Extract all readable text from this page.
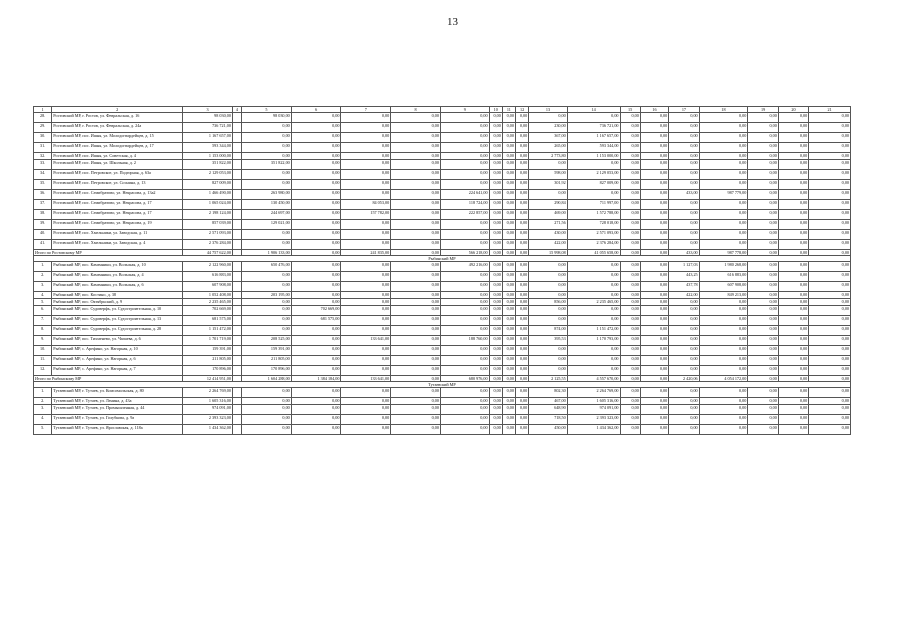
13
1	2	3	4	5	6	7	8	9	10	11	12	13	14	15	16	17	18	19	20	21
28.	Ростовский МР, г. Ростов, ул. Февральская, д. 16	98 030,00		98 030,00	0,00	0,00	0,00	0,00	0,00	0,00	0,00	0,00	0,00	0,00	0,00	0,00	0,00	0,00	0,00	0,00
29.	Ростовский МР, г. Ростов, ул. Февральская, д. 24а	736 721,00		0,00	0,00	0,00	0,00	0,00	0,00	0,00	0,00	230,00	736 721,00	0,00	0,00	0,00	0,00	0,00	0,00	0,00
30.	Ростовский МР, пос. Ишня, ул. Молодогвардейцев, д. 15	1 167 657,00		0,00	0,00	0,00	0,00	0,00	0,00	0,00	0,00	367,00	1 167 657,00	0,00	0,00	0,00	0,00	0,00	0,00	0,00
31.	Ростовский МР, пос. Ишня, ул. Молодогвардейцев, д. 17	593 344,00		0,00	0,00	0,00	0,00	0,00	0,00	0,00	0,00	265,00	593 344,00	0,00	0,00	0,00	0,00	0,00	0,00	0,00
32.	Ростовский МР, пос. Ишня, ул. Советская, д. 4	1 153 000,00		0,00	0,00	0,00	0,00	0,00	0,00	0,00	0,00	2 773,80	1 153 000,00	0,00	0,00	0,00	0,00	0,00	0,00	0,00
33.	Ростовский МР, пос. Ишня, ул. Школьная, д. 2	351 822,00		351 822,00	0,00	0,00	0,00	0,00	0,00	0,00	0,00	0,00	0,00	0,00	0,00	0,00	0,00	0,00	0,00	0,00
34.	Ростовский МР, пос. Петровское, ул. Подгорная, д. 63а	2 129 053,00		0,00	0,00	0,00	0,00	0,00	0,00	0,00	0,00	598,00	2 129 053,00	0,00	0,00	0,00	0,00	0,00	0,00	0,00
35.	Ростовский МР, пос. Петровское, ул. Соснина, д. 13	827 009,00		0,00	0,00	0,00	0,00	0,00	0,00	0,00	0,00	301,92	827 009,00	0,00	0,00	0,00	0,00	0,00	0,00	0,00
36.	Ростовский МР, пос. Семибратово, ул. Некрасова, д. 13а2	1 466 490,00		263 980,00	0,00	0,00	0,00	224 641,00	0,00	0,00	0,00	0,00	0,00	0,00	0,00	433,00	987 779,00	0,00	0,00	0,00
37.	Ростовский МР, пос. Семибратово, ул. Некрасова, д. 17	1 065 024,00		130 450,00	0,00	84 053,00	0,00	118 724,00	0,00	0,00	0,00	290,84	711 997,00	0,00	0,00	0,00	0,00	0,00	0,00	0,00
38.	Ростовский МР, пос. Семибратово, ул. Некрасова, д. 17	2 198 124,00		244 697,00	0,00	157 782,00	0,00	222 857,00	0,00	0,00	0,00	469,00	1 572 788,00	0,00	0,00	0,00	0,00	0,00	0,00	0,00
39.	Ростовский МР, пос. Семибратово, ул. Некрасова, д. 19	857 039,00		129 021,00	0,00	0,00	0,00	0,00	0,00	0,00	0,00	271,56	728 018,00	0,00	0,00	0,00	0,00	0,00	0,00	0,00
40.	Ростовский МР, пос. Хмельники, ул. Заводская, д. 11	2 571 093,00		0,00	0,00	0,00	0,00	0,00	0,00	0,00	0,00	430,00	2 571 093,00	0,00	0,00	0,00	0,00	0,00	0,00	0,00
41.	Ростовский МР, пос. Хмельники, ул. Заводская, д. 4	2 376 284,00		0,00	0,00	0,00	0,00	0,00	0,00	0,00	0,00	422,00	2 376 284,00	0,00	0,00	0,00	0,00	0,00	0,00	0,00
Итого по Ростовскому МР		44 757 622,00		1 906 133,00	0,00	241 835,00	0,00	566 218,00	0,00	0,00	0,00	15 998,08	41 055 658,00	0,00	0,00	433,00	987 778,00	0,00	0,00	0,00
Рыбинский МР																				
1.	Рыбинский МР, пос. Каменники, ул. Вольская, д. 10	2 122 960,00		650 476,00	0,00	0,00	0,00	492 216,00	0,00	0,00	0,00	0,00	0,00	0,00	0,00	1 127,03	1 980 268,00	0,00	0,00	0,00
2.	Рыбинский МР, пос. Каменники, ул. Вольская, д. 4	616 883,00		0,00	0,00	0,00	0,00	0,00	0,00	0,00	0,00	0,00	0,00	0,00	0,00	443,25	616 883,00	0,00	0,00	0,00
3.	Рыбинский МР, пос. Каменники, ул. Вольская, д. 6	607 908,00		0,00	0,00	0,00	0,00	0,00	0,00	0,00	0,00	0,00	0,00	0,00	0,00	437,78	607 908,00	0,00	0,00	0,00
4.	Рыбинский МР, пос. Костино, д. 38	1 052 408,00		203 195,00	0,00	0,00	0,00	0,00	0,00	0,00	0,00	0,00	0,00	0,00	0,00	422,00	849 213,00	0,00	0,00	0,00
5.	Рыбинский МР, пос. Октябрьский, д. 9	2 235 465,00		0,00	0,00	0,00	0,00	0,00	0,00	0,00	0,00	856,00	2 235 465,00	0,00	0,00	0,00	0,00	0,00	0,00	0,00
6.	Рыбинский МР, пос. Судоверфь, ул. Судостроительная, д. 10	702 669,00		0,00	702 669,00	0,00	0,00	0,00	0,00	0,00	0,00	0,00	0,00	0,00	0,00	0,00	0,00	0,00	0,00	0,00
7.	Рыбинский МР, пос. Судоверфь, ул. Судостроительная, д. 13	681 575,00		0,00	681 575,00	0,00	0,00	0,00	0,00	0,00	0,00	0,00	0,00	0,00	0,00	0,00	0,00	0,00	0,00	0,00
8.	Рыбинский МР, пос. Судоверфь, ул. Судостроительная, д. 28	1 151 472,00		0,00	0,00	0,00	0,00	0,00	0,00	0,00	0,00	874,00	1 151 472,00	0,00	0,00	0,00	0,00	0,00	0,00	0,00
9.	Рыбинский МР, пос. Тихменево, ул. Чапаева, д. 6	1 701 719,00		208 525,00	0,00	133 641,00	0,00	188 760,00	0,00	0,00	0,00	395,53	1 170 793,00	0,00	0,00	0,00	0,00	0,00	0,00	0,00
10.	Рыбинский МР, с. Арефино, ул. Нагорная, д. 10	159 391,00		159 391,00	0,00	0,00	0,00	0,00	0,00	0,00	0,00	0,00	0,00	0,00	0,00	0,00	0,00	0,00	0,00	0,00
11.	Рыбинский МР, с. Арефино, ул. Нагорная, д. 6	211 805,00		211 805,00	0,00	0,00	0,00	0,00	0,00	0,00	0,00	0,00	0,00	0,00	0,00	0,00	0,00	0,00	0,00	0,00
12.	Рыбинский МР, с. Арефино, ул. Нагорная, д. 7	170 896,00		170 896,00	0,00	0,00	0,00	0,00	0,00	0,00	0,00	0,00	0,00	0,00	0,00	0,00	0,00	0,00	0,00	0,00
Итого по Рыбинскому МР		12 414 951,00		1 604 288,00	1 384 184,00	133 641,00	0,00	680 976,00	0,00	0,00	0,00	2 125,55	4 557 670,00	0,00	0,00	2 420,06	4 054 172,00	0,00	0,00	0,00
Тутаевский МР																				
1.	Тутаевский МР, г. Тутаев, ул. Комсомольская, д. 80	2 264 769,00		0,00	0,00	0,00	0,00	0,00	0,00	0,00	0,00	802,30	2 264 769,00	0,00	0,00	0,00	0,00	0,00	0,00	0,00
2.	Тутаевский МР, г. Тутаев, ул. Ленина, д. 43а	1 605 316,00		0,00	0,00	0,00	0,00	0,00	0,00	0,00	0,00	467,00	1 605 316,00	0,00	0,00	0,00	0,00	0,00	0,00	0,00
3.	Тутаевский МР, г. Тутаев, ул. Промышленная, д. 44	974 091,00		0,00	0,00	0,00	0,00	0,00	0,00	0,00	0,00	648,90	974 091,00	0,00	0,00	0,00	0,00	0,00	0,00	0,00
4.	Тутаевский МР, г. Тутаев, ул. Голубкова, д. 9а	2 393 323,00		0,00	0,00	0,00	0,00	0,00	0,00	0,00	0,00	718,50	2 393 323,00	0,00	0,00	0,00	0,00	0,00	0,00	0,00
5.	Тутаевский МР, г. Тутаев, ул. Ярославская, д. 118а	1 434 362,00		0,00	0,00	0,00	0,00	0,00	0,00	0,00	0,00	450,00	1 434 362,00	0,00	0,00	0,00	0,00	0,00	0,00	0,00
